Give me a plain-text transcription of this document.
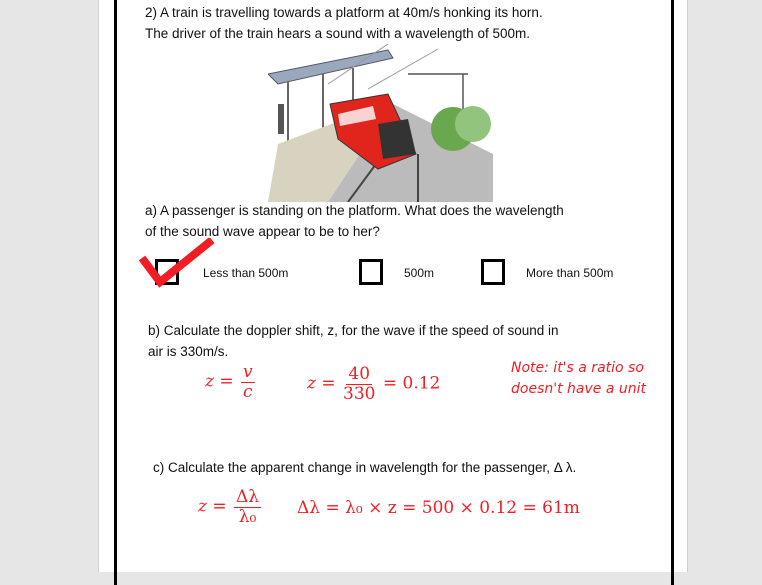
2) A train is travelling towards a platform at 40m/s honking its horn.
The driver of the train hears a sound with a wavelength of 500m.
a) A passenger is standing on the platform. What does the wavelength
of the sound wave appear to be to her?
Less than 500m	500m	More than 500m
b) Calculate the doppler shift, z, for the wave if the speed of sound in
air is 330m/s.
$z = \frac{v}{c}$	$z = \frac{40}{330} = 0.12$
Note: it's a ratio so doesn't have a unit
c) Calculate the apparent change in wavelength for the passenger, Δ λ.
$z = \frac{\Delta\lambda}{\text{λ₀}}$ Δλ = λ₀ × z = 500 × 0.12 = 61m
